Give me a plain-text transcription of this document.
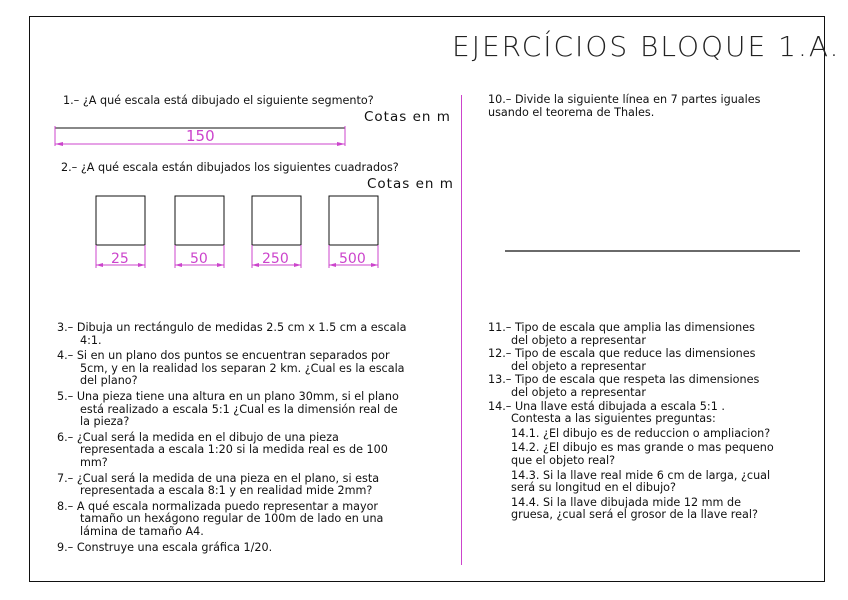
EJERCÍCIOS BLOQUE 1.A.
1.– ¿A qué escala está dibujado el siguiente segmento?
Cotas en m
2.– ¿A qué escala están dibujados los siguientes cuadrados?
Cotas en m
150
25	50	250	500
3.– Dibuja un rectángulo de medidas 2.5 cm x 1.5 cm a escala
4:1.
4.– Si en un plano dos puntos se encuentran separados por
5cm, y en la realidad los separan 2 km. ¿Cual es la escala
del plano?
5.– Una pieza tiene una altura en un plano 30mm, si el plano
está realizado a escala 5:1 ¿Cual es la dimensión real de
la pieza?
6.– ¿Cual será la medida en el dibujo de una pieza
representada a escala 1:20 si la medida real es de 100
mm?
7.– ¿Cual será la medida de una pieza en el plano, si esta
representada a escala 8:1 y en realidad mide 2mm?
8.– A qué escala normalizada puedo representar a mayor
tamaño un hexágono regular de 100m de lado en una
lámina de tamaño A4.
9.– Construye una escala gráfica 1/20.
10.– Divide la siguiente línea en 7 partes iguales
usando el teorema de Thales.
11.– Tipo de escala que amplia las dimensiones
del objeto a representar
12.– Tipo de escala que reduce las dimensiones
del objeto a representar
13.– Tipo de escala que respeta las dimensiones
del objeto a representar
14.– Una llave está dibujada a escala 5:1 .
Contesta a las siguientes preguntas:
14.1. ¿El dibujo es de reduccion o ampliacion?
14.2. ¿El dibujo es mas grande o mas pequeno
que el objeto real?
14.3. Si la llave real mide 6 cm de larga, ¿cual
será su longitud en el dibujo?
14.4. Si la llave dibujada mide 12 mm de
gruesa, ¿cual será el grosor de la llave real?
